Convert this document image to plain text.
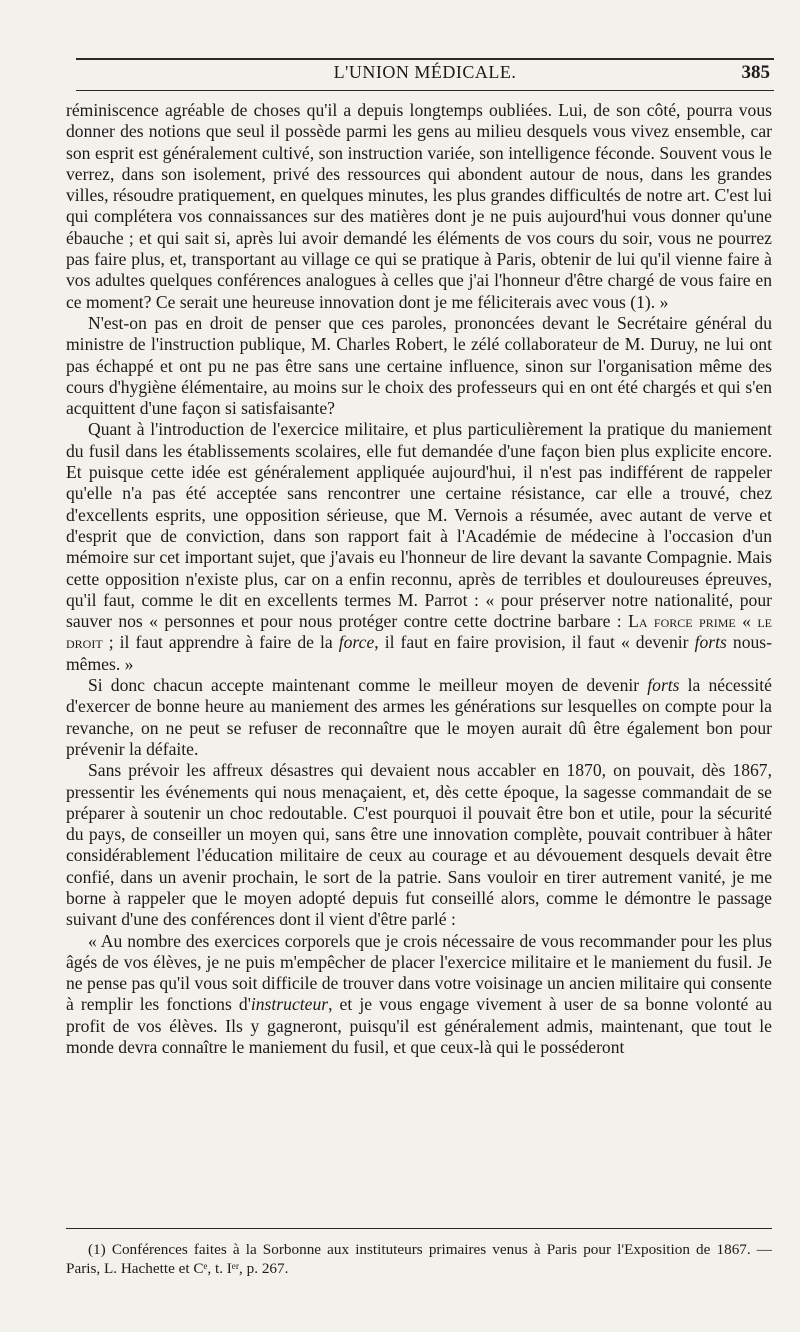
L'UNION MÉDICALE.	385

réminiscence agréable de choses qu'il a depuis longtemps oubliées. Lui, de son côté, pourra vous donner des notions que seul il possède parmi les gens au milieu desquels vous vivez ensemble, car son esprit est généralement cultivé, son instruction variée, son intelligence féconde. Souvent vous le verrez, dans son isolement, privé des ressources qui abondent autour de nous, dans les grandes villes, résoudre pratiquement, en quelques minutes, les plus grandes difficultés de notre art. C'est lui qui complétera vos connaissances sur des matières dont je ne puis aujourd'hui vous donner qu'une ébauche ; et qui sait si, après lui avoir demandé les éléments de vos cours du soir, vous ne pourrez pas faire plus, et, transportant au village ce qui se pratique à Paris, obtenir de lui qu'il vienne faire à vos adultes quelques conférences analogues à celles que j'ai l'honneur d'être chargé de vous faire en ce moment? Ce serait une heureuse innovation dont je me féliciterais avec vous (1). »

N'est-on pas en droit de penser que ces paroles, prononcées devant le Secrétaire général du ministre de l'instruction publique, M. Charles Robert, le zélé collaborateur de M. Duruy, ne lui ont pas échappé et ont pu ne pas être sans une certaine influence, sinon sur l'organisation même des cours d'hygiène élémentaire, au moins sur le choix des professeurs qui en ont été chargés et qui s'en acquittent d'une façon si satisfaisante?

Quant à l'introduction de l'exercice militaire, et plus particulièrement la pratique du maniement du fusil dans les établissements scolaires, elle fut demandée d'une façon bien plus explicite encore. Et puisque cette idée est généralement appliquée aujourd'hui, il n'est pas indifférent de rappeler qu'elle n'a pas été acceptée sans rencontrer une certaine résistance, car elle a trouvé, chez d'excellents esprits, une opposition sérieuse, que M. Vernois a résumée, avec autant de verve et d'esprit que de conviction, dans son rapport fait à l'Académie de médecine à l'occasion d'un mémoire sur cet important sujet, que j'avais eu l'honneur de lire devant la savante Compagnie. Mais cette opposition n'existe plus, car on a enfin reconnu, après de terribles et douloureuses épreuves, qu'il faut, comme le dit en excellents termes M. Parrot : « pour préserver notre nationalité, pour sauver nos « personnes et pour nous protéger contre cette doctrine barbare : La force prime « le droit ; il faut apprendre à faire de la force, il faut en faire provision, il faut « devenir forts nous-mêmes. »

Si donc chacun accepte maintenant comme le meilleur moyen de devenir forts la nécessité d'exercer de bonne heure au maniement des armes les générations sur lesquelles on compte pour la revanche, on ne peut se refuser de reconnaître que le moyen aurait dû être également bon pour prévenir la défaite.

Sans prévoir les affreux désastres qui devaient nous accabler en 1870, on pouvait, dès 1867, pressentir les événements qui nous menaçaient, et, dès cette époque, la sagesse commandait de se préparer à soutenir un choc redoutable. C'est pourquoi il pouvait être bon et utile, pour la sécurité du pays, de conseiller un moyen qui, sans être une innovation complète, pouvait contribuer à hâter considérablement l'éducation militaire de ceux au courage et au dévouement desquels devait être confié, dans un avenir prochain, le sort de la patrie. Sans vouloir en tirer autrement vanité, je me borne à rappeler que le moyen adopté depuis fut conseillé alors, comme le démontre le passage suivant d'une des conférences dont il vient d'être parlé :

« Au nombre des exercices corporels que je crois nécessaire de vous recommander pour les plus âgés de vos élèves, je ne puis m'empêcher de placer l'exercice militaire et le maniement du fusil. Je ne pense pas qu'il vous soit difficile de trouver dans votre voisinage un ancien militaire qui consente à remplir les fonctions d'instructeur, et je vous engage vivement à user de sa bonne volonté au profit de vos élèves. Ils y gagneront, puisqu'il est généralement admis, maintenant, que tout le monde devra connaître le maniement du fusil, et que ceux-là qui le posséderont

(1) Conférences faites à la Sorbonne aux instituteurs primaires venus à Paris pour l'Exposition de 1867. — Paris, L. Hachette et Cᵉ, t. Iᵉʳ, p. 267.
